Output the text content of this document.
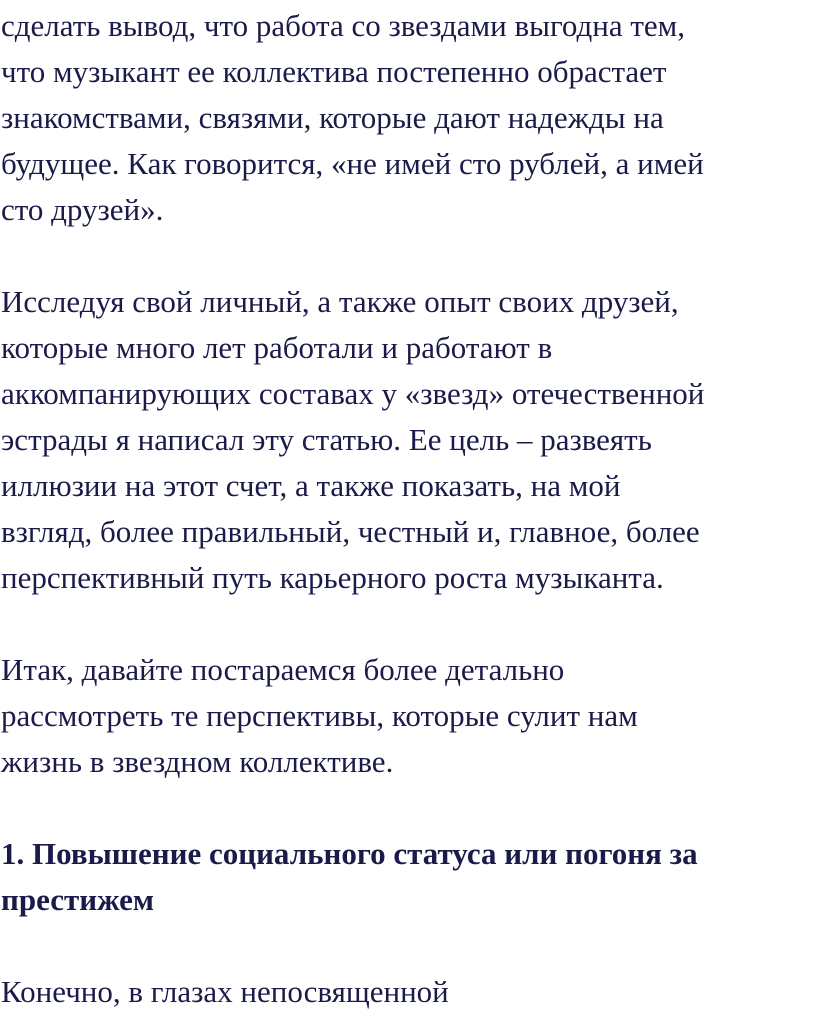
сделать вывод, что работа со звездами выгодна тем,
что музыкант ее коллектива постепенно обрастает
знакомствами, связями, которые дают надежды на
будущее. Как говорится, «не имей сто рублей, а имей
сто друзей».
Исследуя свой личный, а также опыт своих друзей,
которые много лет работали и работают в
аккомпанирующих составах у «звезд» отечественной
эстрады я написал эту статью. Ее цель – развеять
иллюзии на этот счет, а также показать, на мой
взгляд, более правильный, честный и, главное, более
перспективный путь карьерного роста музыканта.
Итак, давайте постараемся более детально
рассмотреть те перспективы, которые сулит нам
жизнь в звездном коллективе.
1. Повышение социального статуса или погоня за
престижем
Конечно, в глазах непосвященной
